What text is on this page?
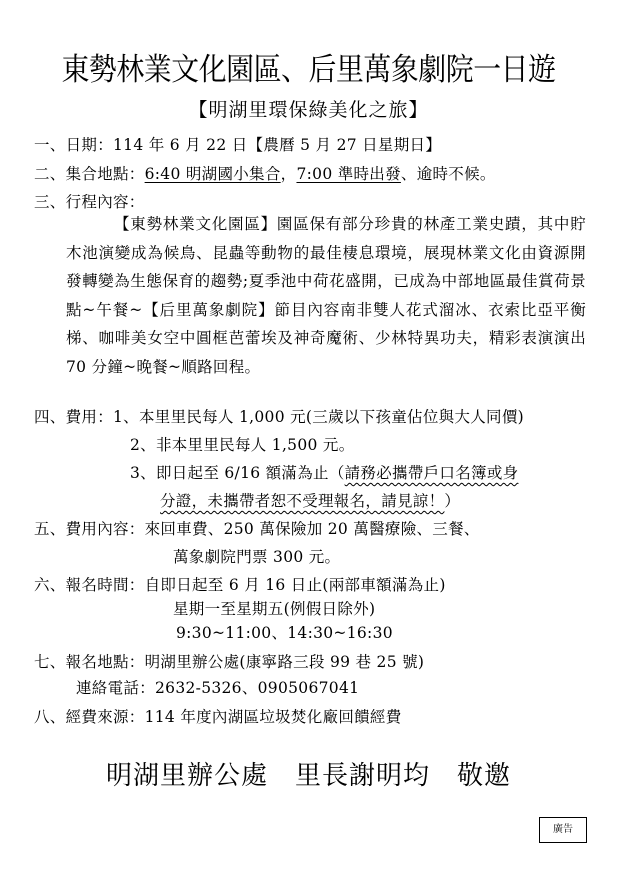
東勢林業文化園區、后里萬象劇院一日遊
【明湖里環保綠美化之旅】
一、日期：114 年 6 月 22 日【農曆 5 月 27 日星期日】
二、集合地點：6:40 明湖國小集合，7:00 準時出發、逾時不候。
三、行程內容：
【東勢林業文化園區】園區保有部分珍貴的林產工業史蹟，其中貯木池演變成為候鳥、昆蟲等動物的最佳棲息環境，展現林業文化由資源開發轉變為生態保育的趨勢;夏季池中荷花盛開，已成為中部地區最佳賞荷景點~午餐~【后里萬象劇院】節目內容南非雙人花式溜冰、衣索比亞平衡梯、咖啡美女空中圓框芭蕾埃及神奇魔術、少林特異功夫，精彩表演演出 70 分鐘~晚餐~順路回程。
四、費用：1、本里里民每人 1,000 元(三歲以下孩童佔位與大人同價)
2、非本里里民每人 1,500 元。
3、即日起至 6/16 額滿為止（請務必攜帶戶口名簿或身
分證，未攜帶者恕不受理報名，請見諒！）
五、費用內容：來回車費、250 萬保險加 20 萬醫療險、三餐、
萬象劇院門票 300 元。
六、報名時間：自即日起至 6 月 16 日止(兩部車額滿為止)
星期一至星期五(例假日除外)
9:30~11:00、14:30~16:30
七、報名地點：明湖里辦公處(康寧路三段 99 巷 25 號)
連絡電話：2632-5326、0905067041
八、經費來源：114 年度內湖區垃圾焚化廠回饋經費
明湖里辦公處　里長謝明均　敬邀
廣告
